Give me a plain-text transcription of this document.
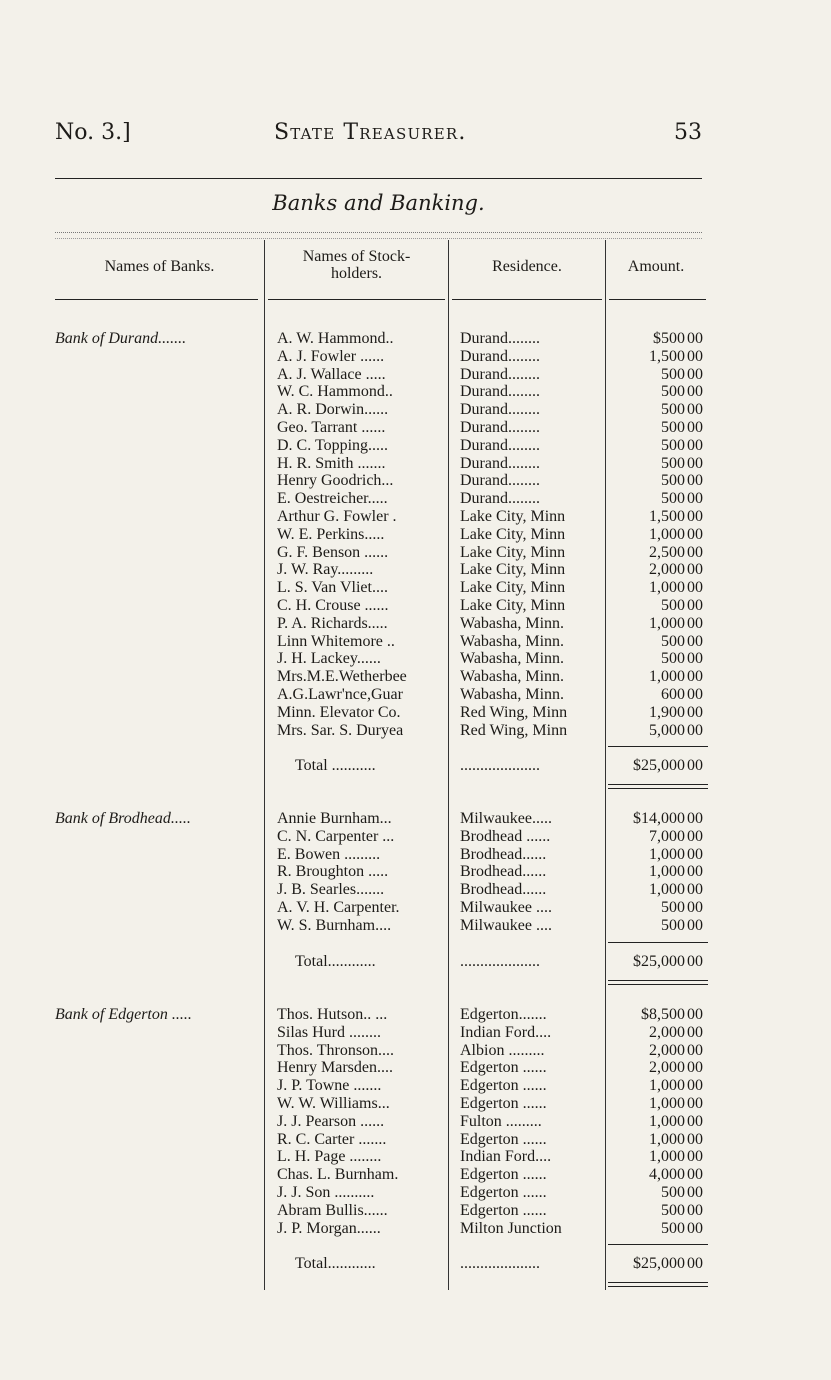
No. 3.]	State Treasurer.	53
Banks and Banking.
Names of Banks.
Names of Stock-holders.	Residence.	Amount.
Bank of Durand.......	A. W. Hammond..	Durand........	$500 00
A. J. Fowler ......	Durand........	1,500 00
A. J. Wallace .....	Durand........	500 00
W. C. Hammond..	Durand........	500 00
A. R. Dorwin......	Durand........	500 00
Geo. Tarrant ......	Durand........	500 00
D. C. Topping.....	Durand........	500 00
H. R. Smith .......	Durand........	500 00
Henry Goodrich...	Durand........	500 00
E. Oestreicher.....	Durand........	500 00
Arthur G. Fowler .	Lake City, Minn	1,500 00
W. E. Perkins.....	Lake City, Minn	1,000 00
G. F. Benson ......	Lake City, Minn	2,500 00
J. W. Ray.........	Lake City, Minn	2,000 00
L. S. Van Vliet....	Lake City, Minn	1,000 00
C. H. Crouse ......	Lake City, Minn	500 00
P. A. Richards.....	Wabasha, Minn.	1,000 00
Linn Whitemore ..	Wabasha, Minn.	500 00
J. H. Lackey......	Wabasha, Minn.	500 00
Mrs.M.E.Wetherbee	Wabasha, Minn.	1,000 00
A.G.Lawr'nce,Guar	Wabasha, Minn.	600 00
Minn. Elevator Co.	Red Wing, Minn	1,900 00
Mrs. Sar. S. Duryea	Red Wing, Minn	5,000 00
Total ...........	....................	$25,000 00
Bank of Brodhead.....	Annie Burnham...	Milwaukee.....	$14,000 00
C. N. Carpenter ...	Brodhead ......	7,000 00
E. Bowen .........	Brodhead......	1,000 00
R. Broughton .....	Brodhead......	1,000 00
J. B. Searles.......	Brodhead......	1,000 00
A. V. H. Carpenter.	Milwaukee ....	500 00
W. S. Burnham....	Milwaukee ....	500 00
Total............	....................	$25,000 00
Bank of Edgerton .....	Thos. Hutson.. ...	Edgerton.......	$8,500 00
Silas Hurd ........	Indian Ford....	2,000 00
Thos. Thronson....	Albion .........	2,000 00
Henry Marsden....	Edgerton ......	2,000 00
J. P. Towne .......	Edgerton ......	1,000 00
W. W. Williams...	Edgerton ......	1,000 00
J. J. Pearson ......	Fulton .........	1,000 00
R. C. Carter .......	Edgerton ......	1,000 00
L. H. Page ........	Indian Ford....	1,000 00
Chas. L. Burnham.	Edgerton ......	4,000 00
J. J. Son ..........	Edgerton ......	500 00
Abram Bullis......	Edgerton ......	500 00
J. P. Morgan......	Milton Junction	500 00
Total............	....................	$25,000 00
